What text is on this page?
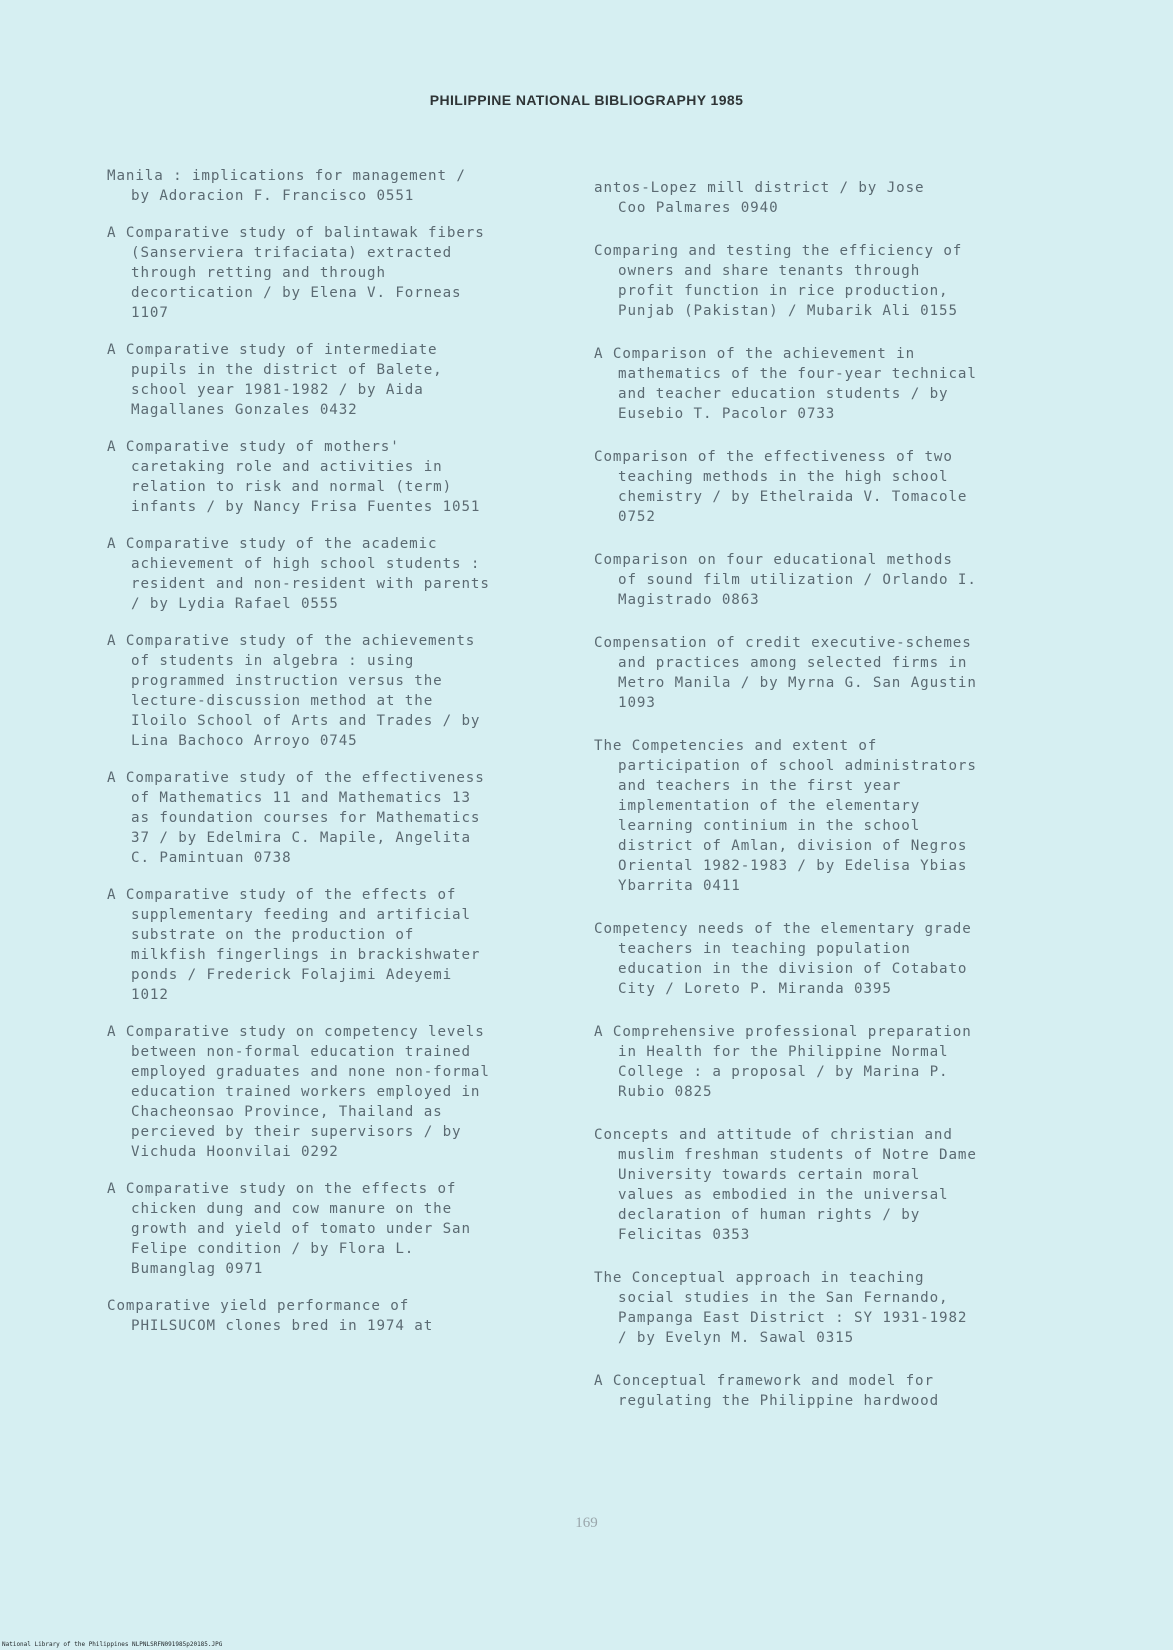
PHILIPPINE NATIONAL BIBLIOGRAPHY 1985

Manila : implications for management /
by Adoracion F. Francisco 0551

A Comparative study of balintawak fibers
(Sanserviera trifaciata) extracted
through retting and through
decortication / by Elena V. Forneas
1107

A Comparative study of intermediate
pupils in the district of Balete,
school year 1981-1982 / by Aida
Magallanes Gonzales 0432

A Comparative study of mothers'
caretaking role and activities in
relation to risk and normal (term)
infants / by Nancy Frisa Fuentes 1051

A Comparative study of the academic
achievement of high school students :
resident and non-resident with parents
/ by Lydia Rafael 0555

A Comparative study of the achievements
of students in algebra : using
programmed instruction versus the
lecture-discussion method at the
Iloilo School of Arts and Trades / by
Lina Bachoco Arroyo 0745

A Comparative study of the effectiveness
of Mathematics 11 and Mathematics 13
as foundation courses for Mathematics
37 / by Edelmira C. Mapile, Angelita
C. Pamintuan 0738

A Comparative study of the effects of
supplementary feeding and artificial
substrate on the production of
milkfish fingerlings in brackishwater
ponds / Frederick Folajimi Adeyemi
1012

A Comparative study on competency levels
between non-formal education trained
employed graduates and none non-formal
education trained workers employed in
Chacheonsao Province, Thailand as
percieved by their supervisors / by
Vichuda Hoonvilai 0292

A Comparative study on the effects of
chicken dung and cow manure on the
growth and yield of tomato under San
Felipe condition / by Flora L.
Bumanglag 0971

Comparative yield performance of
PHILSUCOM clones bred in 1974 at

antos-Lopez mill district / by Jose
Coo Palmares 0940

Comparing and testing the efficiency of
owners and share tenants through
profit function in rice production,
Punjab (Pakistan) / Mubarik Ali 0155

A Comparison of the achievement in
mathematics of the four-year technical
and teacher education students / by
Eusebio T. Pacolor 0733

Comparison of the effectiveness of two
teaching methods in the high school
chemistry / by Ethelraida V. Tomacole
0752

Comparison on four educational methods
of sound film utilization / Orlando I.
Magistrado 0863

Compensation of credit executive-schemes
and practices among selected firms in
Metro Manila / by Myrna G. San Agustin
1093

The Competencies and extent of
participation of school administrators
and teachers in the first year
implementation of the elementary
learning continium in the school
district of Amlan, division of Negros
Oriental 1982-1983 / by Edelisa Ybias
Ybarrita 0411

Competency needs of the elementary grade
teachers in teaching population
education in the division of Cotabato
City / Loreto P. Miranda 0395

A Comprehensive professional preparation
in Health for the Philippine Normal
College : a proposal / by Marina P.
Rubio 0825

Concepts and attitude of christian and
muslim freshman students of Notre Dame
University towards certain moral
values as embodied in the universal
declaration of human rights / by
Felicitas 0353

The Conceptual approach in teaching
social studies in the San Fernando,
Pampanga East District : SY 1931-1982
/ by Evelyn M. Sawal 0315

A Conceptual framework and model for
regulating the Philippine hardwood

169
National Library of the Philippines NLPNLSRFN091985p20185.JPG
